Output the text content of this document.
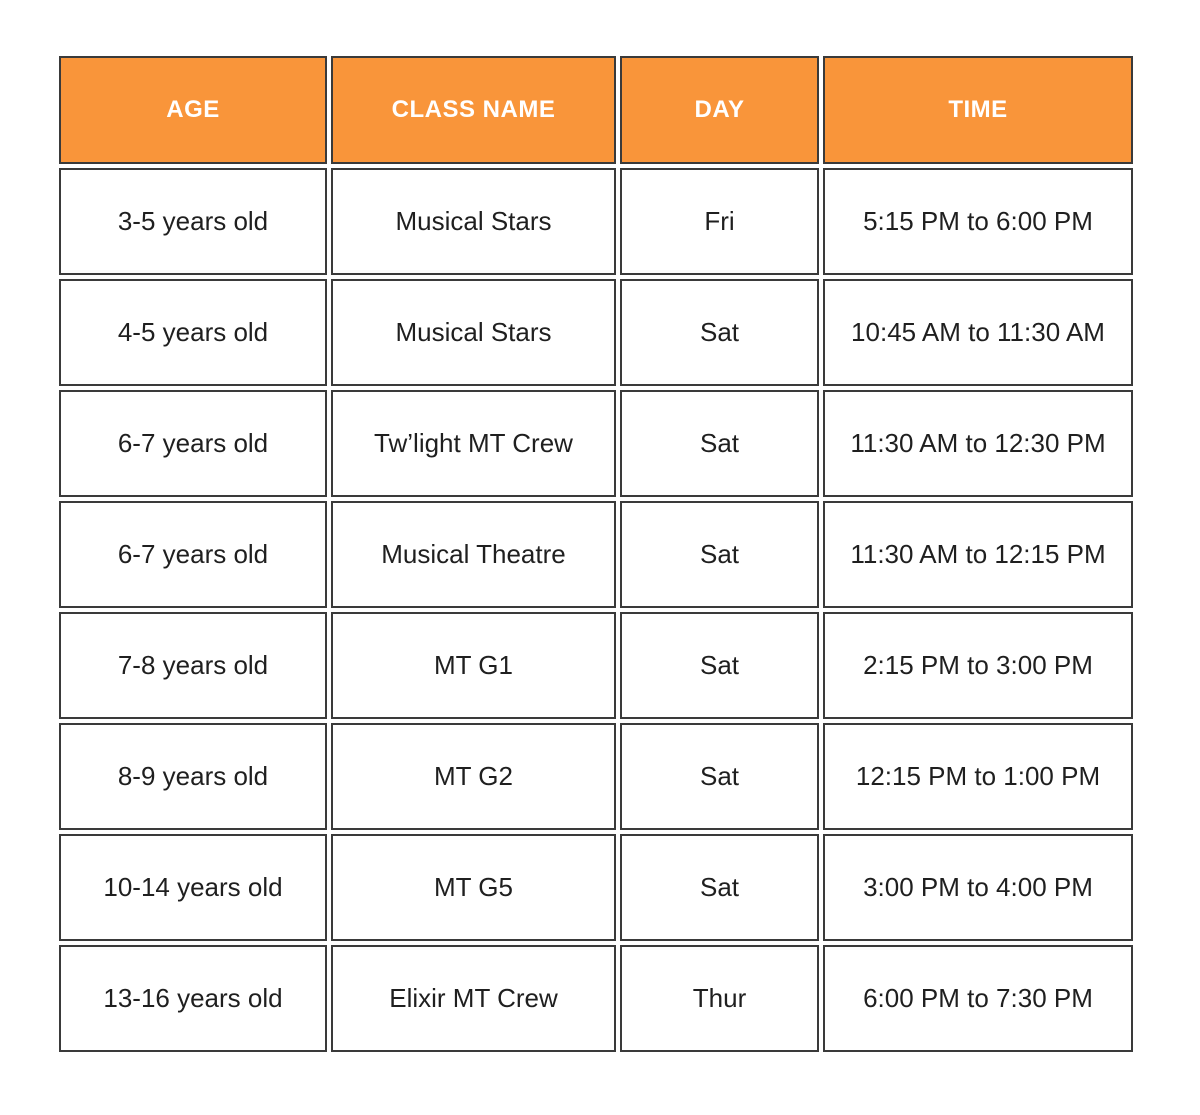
AGE	CLASS NAME	DAY	TIME
3-5 years old	Musical Stars	Fri	5:15 PM to 6:00 PM
4-5 years old	Musical Stars	Sat	10:45 AM to 11:30 AM
6-7 years old	Tw’light MT Crew	Sat	11:30 AM to 12:30 PM
6-7 years old	Musical Theatre	Sat	11:30 AM to 12:15 PM
7-8 years old	MT G1	Sat	2:15 PM to 3:00 PM
8-9 years old	MT G2	Sat	12:15 PM to 1:00 PM
10-14 years old	MT G5	Sat	3:00 PM to 4:00 PM
13-16 years old	Elixir MT Crew	Thur	6:00 PM to 7:30 PM
